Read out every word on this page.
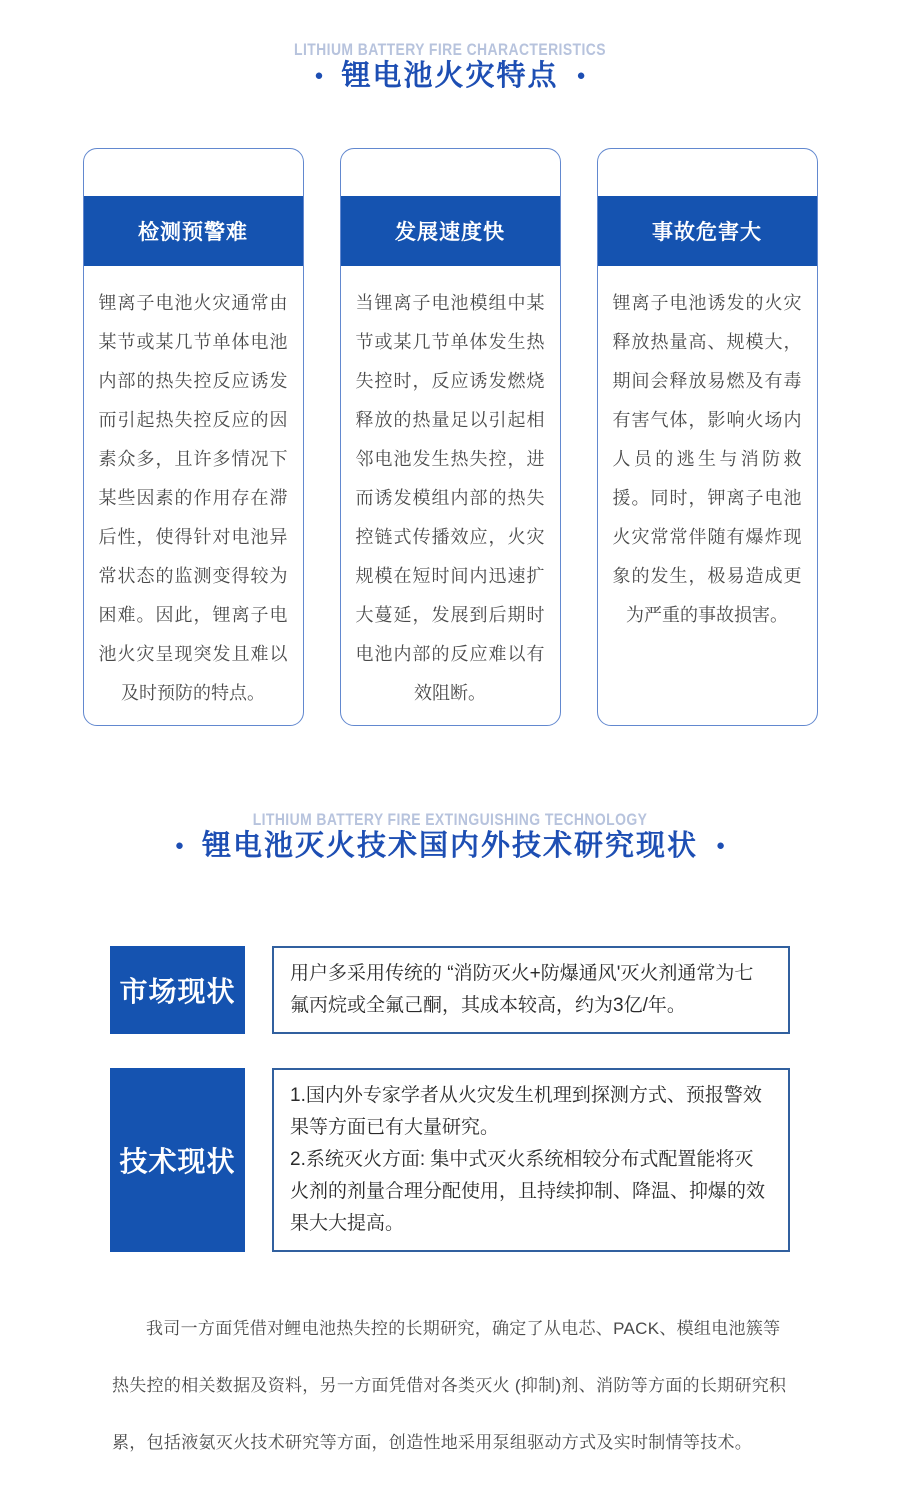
LITHIUM BATTERY FIRE CHARACTERISTICS
● 锂电池火灾特点 ●
检测预警难
锂离子电池火灾通常由某节或某几节单体电池内部的热失控反应诱发而引起热失控反应的因素众多，且许多情况下某些因素的作用存在滞后性，使得针对电池异常状态的监测变得较为困难。因此，锂离子电池火灾呈现突发且难以及时预防的特点。
发展速度快
当锂离子电池模组中某节或某几节单体发生热失控时，反应诱发燃烧释放的热量足以引起相邻电池发生热失控，进而诱发模组内部的热失控链式传播效应，火灾规模在短时间内迅速扩大蔓延，发展到后期时电池内部的反应难以有效阻断。
事故危害大
锂离子电池诱发的火灾释放热量高、规模大，期间会释放易燃及有毒有害气体，影响火场内人员的逃生与消防救援。同时，钾离子电池火灾常常伴随有爆炸现象的发生，极易造成更为严重的事故损害。
LITHIUM BATTERY FIRE EXTINGUISHING TECHNOLOGY
● 锂电池灭火技术国内外技术研究现状 ●
市场现状
用户多采用传统的 “消防灭火+防爆通风'灭火剂通常为七氟丙烷或全氟己酮，其成本较高，约为3亿/年。
技术现状
1.国内外专家学者从火灾发生机理到探测方式、预报警效果等方面已有大量研究。
2.系统灭火方面: 集中式灭火系统相较分布式配置能将灭火剂的剂量合理分配使用，且持续抑制、降温、抑爆的效果大大提高。
我司一方面凭借对鲤电池热失控的长期研究，确定了从电芯、PACK、模组电池簇等热失控的相关数据及资料，另一方面凭借对各类灭火 (抑制)剂、消防等方面的长期研究积累，包括液氨灭火技术研究等方面，创造性地采用泵组驱动方式及实时制情等技术。
